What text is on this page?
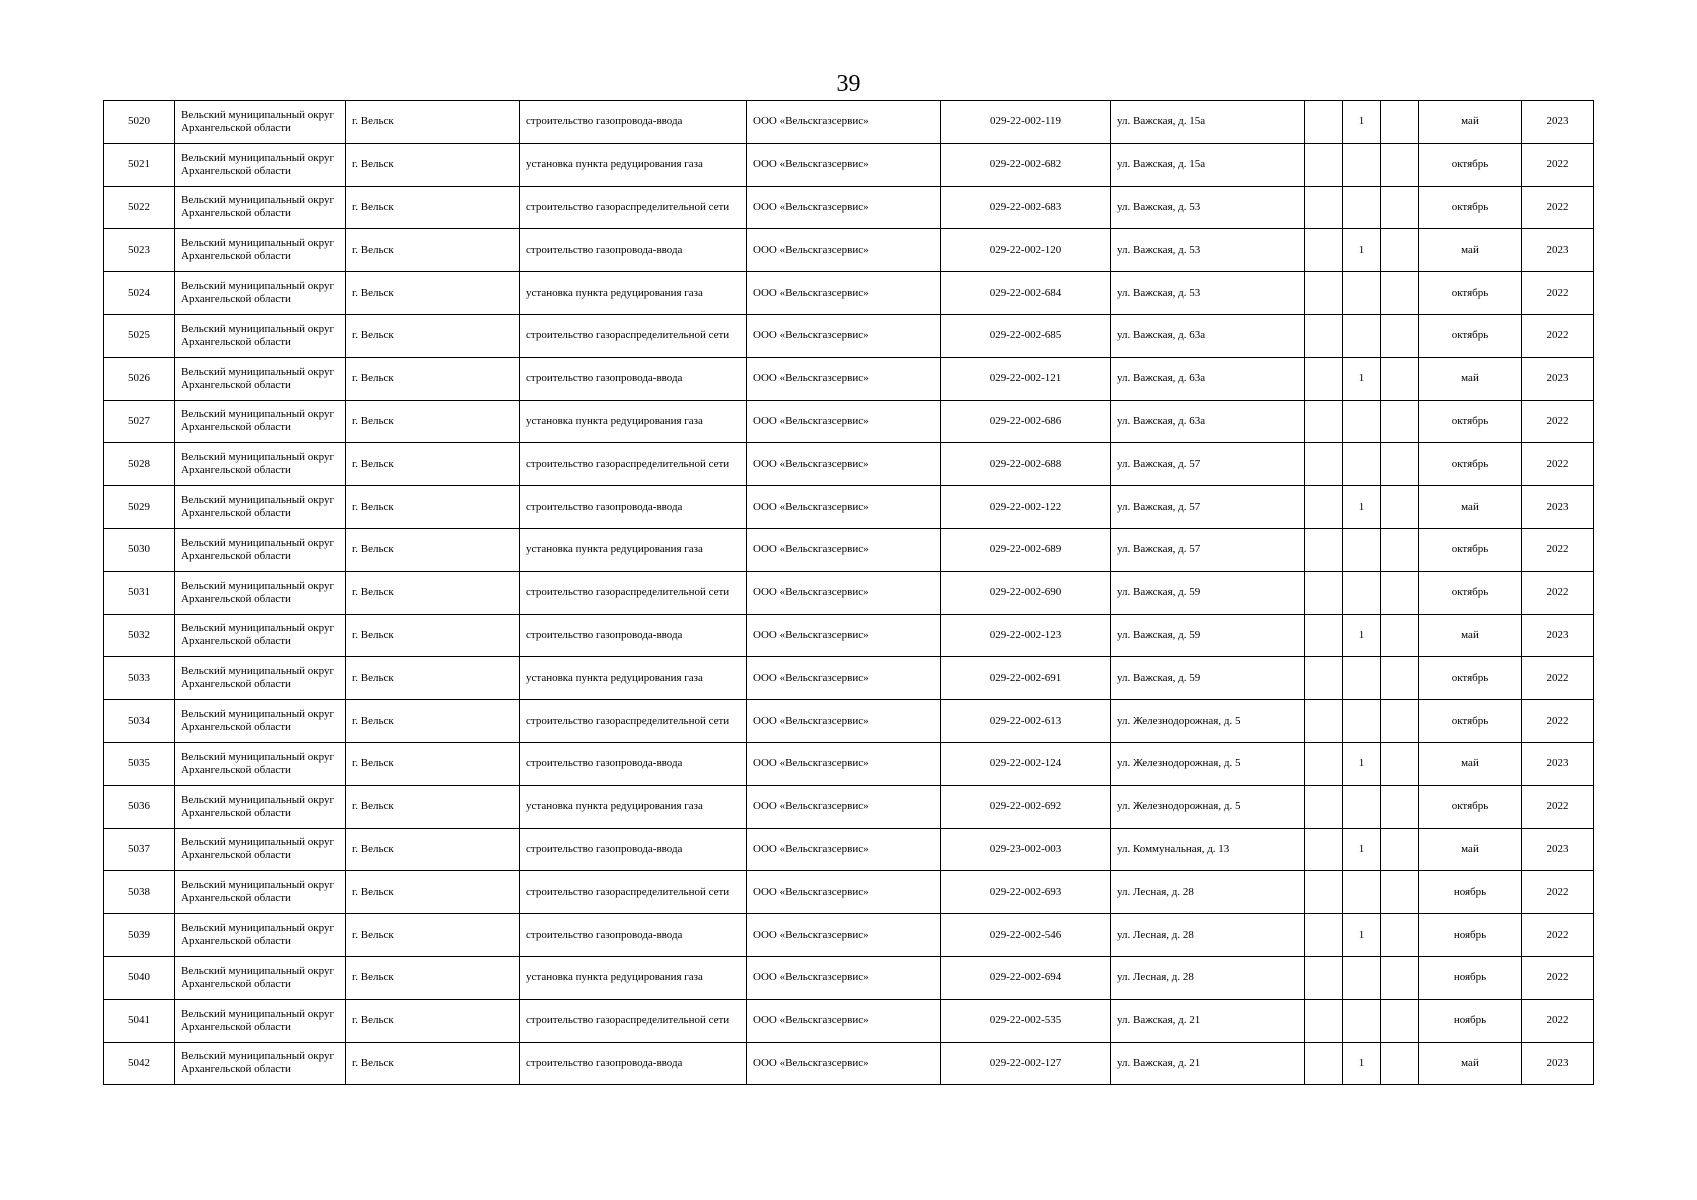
39
5020	Вельский муниципальный округ Архангельской области	г. Вельск	строительство газопровода-ввода	ООО «Вельскгазсервис»	029-22-002-119	ул. Важская, д. 15а		1		май	2023
5021	Вельский муниципальный округ Архангельской области	г. Вельск	установка пункта редуцирования газа	ООО «Вельскгазсервис»	029-22-002-682	ул. Важская, д. 15а				октябрь	2022
5022	Вельский муниципальный округ Архангельской области	г. Вельск	строительство газораспределительной сети	ООО «Вельскгазсервис»	029-22-002-683	ул. Важская, д. 53				октябрь	2022
5023	Вельский муниципальный округ Архангельской области	г. Вельск	строительство газопровода-ввода	ООО «Вельскгазсервис»	029-22-002-120	ул. Важская, д. 53		1		май	2023
5024	Вельский муниципальный округ Архангельской области	г. Вельск	установка пункта редуцирования газа	ООО «Вельскгазсервис»	029-22-002-684	ул. Важская, д. 53				октябрь	2022
5025	Вельский муниципальный округ Архангельской области	г. Вельск	строительство газораспределительной сети	ООО «Вельскгазсервис»	029-22-002-685	ул. Важская, д. 63а				октябрь	2022
5026	Вельский муниципальный округ Архангельской области	г. Вельск	строительство газопровода-ввода	ООО «Вельскгазсервис»	029-22-002-121	ул. Важская, д. 63а		1		май	2023
5027	Вельский муниципальный округ Архангельской области	г. Вельск	установка пункта редуцирования газа	ООО «Вельскгазсервис»	029-22-002-686	ул. Важская, д. 63а				октябрь	2022
5028	Вельский муниципальный округ Архангельской области	г. Вельск	строительство газораспределительной сети	ООО «Вельскгазсервис»	029-22-002-688	ул. Важская, д. 57				октябрь	2022
5029	Вельский муниципальный округ Архангельской области	г. Вельск	строительство газопровода-ввода	ООО «Вельскгазсервис»	029-22-002-122	ул. Важская, д. 57		1		май	2023
5030	Вельский муниципальный округ Архангельской области	г. Вельск	установка пункта редуцирования газа	ООО «Вельскгазсервис»	029-22-002-689	ул. Важская, д. 57				октябрь	2022
5031	Вельский муниципальный округ Архангельской области	г. Вельск	строительство газораспределительной сети	ООО «Вельскгазсервис»	029-22-002-690	ул. Важская, д. 59				октябрь	2022
5032	Вельский муниципальный округ Архангельской области	г. Вельск	строительство газопровода-ввода	ООО «Вельскгазсервис»	029-22-002-123	ул. Важская, д. 59		1		май	2023
5033	Вельский муниципальный округ Архангельской области	г. Вельск	установка пункта редуцирования газа	ООО «Вельскгазсервис»	029-22-002-691	ул. Важская, д. 59				октябрь	2022
5034	Вельский муниципальный округ Архангельской области	г. Вельск	строительство газораспределительной сети	ООО «Вельскгазсервис»	029-22-002-613	ул. Железнодорожная, д. 5				октябрь	2022
5035	Вельский муниципальный округ Архангельской области	г. Вельск	строительство газопровода-ввода	ООО «Вельскгазсервис»	029-22-002-124	ул. Железнодорожная, д. 5		1		май	2023
5036	Вельский муниципальный округ Архангельской области	г. Вельск	установка пункта редуцирования газа	ООО «Вельскгазсервис»	029-22-002-692	ул. Железнодорожная, д. 5				октябрь	2022
5037	Вельский муниципальный округ Архангельской области	г. Вельск	строительство газопровода-ввода	ООО «Вельскгазсервис»	029-23-002-003	ул. Коммунальная, д. 13		1		май	2023
5038	Вельский муниципальный округ Архангельской области	г. Вельск	строительство газораспределительной сети	ООО «Вельскгазсервис»	029-22-002-693	ул. Лесная, д. 28				ноябрь	2022
5039	Вельский муниципальный округ Архангельской области	г. Вельск	строительство газопровода-ввода	ООО «Вельскгазсервис»	029-22-002-546	ул. Лесная, д. 28		1		ноябрь	2022
5040	Вельский муниципальный округ Архангельской области	г. Вельск	установка пункта редуцирования газа	ООО «Вельскгазсервис»	029-22-002-694	ул. Лесная, д. 28				ноябрь	2022
5041	Вельский муниципальный округ Архангельской области	г. Вельск	строительство газораспределительной сети	ООО «Вельскгазсервис»	029-22-002-535	ул. Важская, д. 21				ноябрь	2022
5042	Вельский муниципальный округ Архангельской области	г. Вельск	строительство газопровода-ввода	ООО «Вельскгазсервис»	029-22-002-127	ул. Важская, д. 21		1		май	2023
